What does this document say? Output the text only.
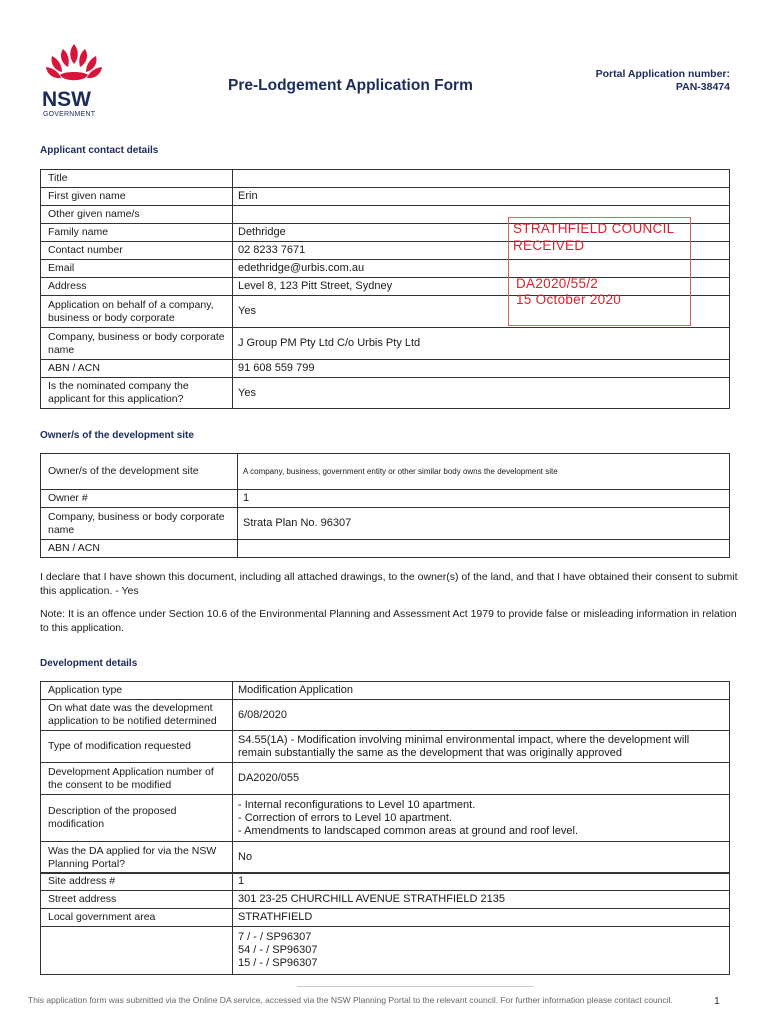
NSW
GOVERNMENT
Pre-Lodgement Application Form
Portal Application number:
PAN-38474
Applicant contact details
Title	
First given name	Erin
Other given name/s	
Family name	Dethridge
Contact number	02 8233 7671
Email	edethridge@urbis.com.au
Address	Level 8, 123 Pitt Street, Sydney
Application on behalf of a company, business or body corporate	Yes
Company, business or body corporate name	J Group PM Pty Ltd C/o Urbis Pty Ltd
ABN / ACN	91 608 559 799
Is the nominated company the applicant for this application?	Yes
STRATHFIELD COUNCIL
RECEIVED
DA2020/55/2
15 October 2020
Owner/s of the development site
Owner/s of the development site	A company, business, government entity or other similar body owns the development site
Owner #	1
Company, business or body corporate name	Strata Plan No. 96307
ABN / ACN	
I declare that I have shown this document, including all attached drawings, to the owner(s) of the land, and that I have obtained their consent to submit this application. - Yes
Note: It is an offence under Section 10.6 of the Environmental Planning and Assessment Act 1979 to provide false or misleading information in relation to this application.
Development details
Application type	Modification Application
On what date was the development application to be notified determined	6/08/2020
Type of modification requested	S4.55(1A) - Modification involving minimal environmental impact, where the development will remain substantially the same as the development that was originally approved
Development Application number of the consent to be modified	DA2020/055
Description of the proposed modification	- Internal reconfigurations to Level 10 apartment.
- Correction of errors to Level 10 apartment.
- Amendments to landscaped common areas at ground and roof level.

Was the DA applied for via the NSW Planning Portal?	No
Site address #	1
Street address	301 23-25 CHURCHILL AVENUE STRATHFIELD 2135
Local government area	STRATHFIELD

	7 / - / SP96307
54 / - / SP96307
15 / - / SP96307
This application form was submitted via the Online DA service, accessed via the NSW Planning Portal to the relevant council. For further information please contact council.	1
